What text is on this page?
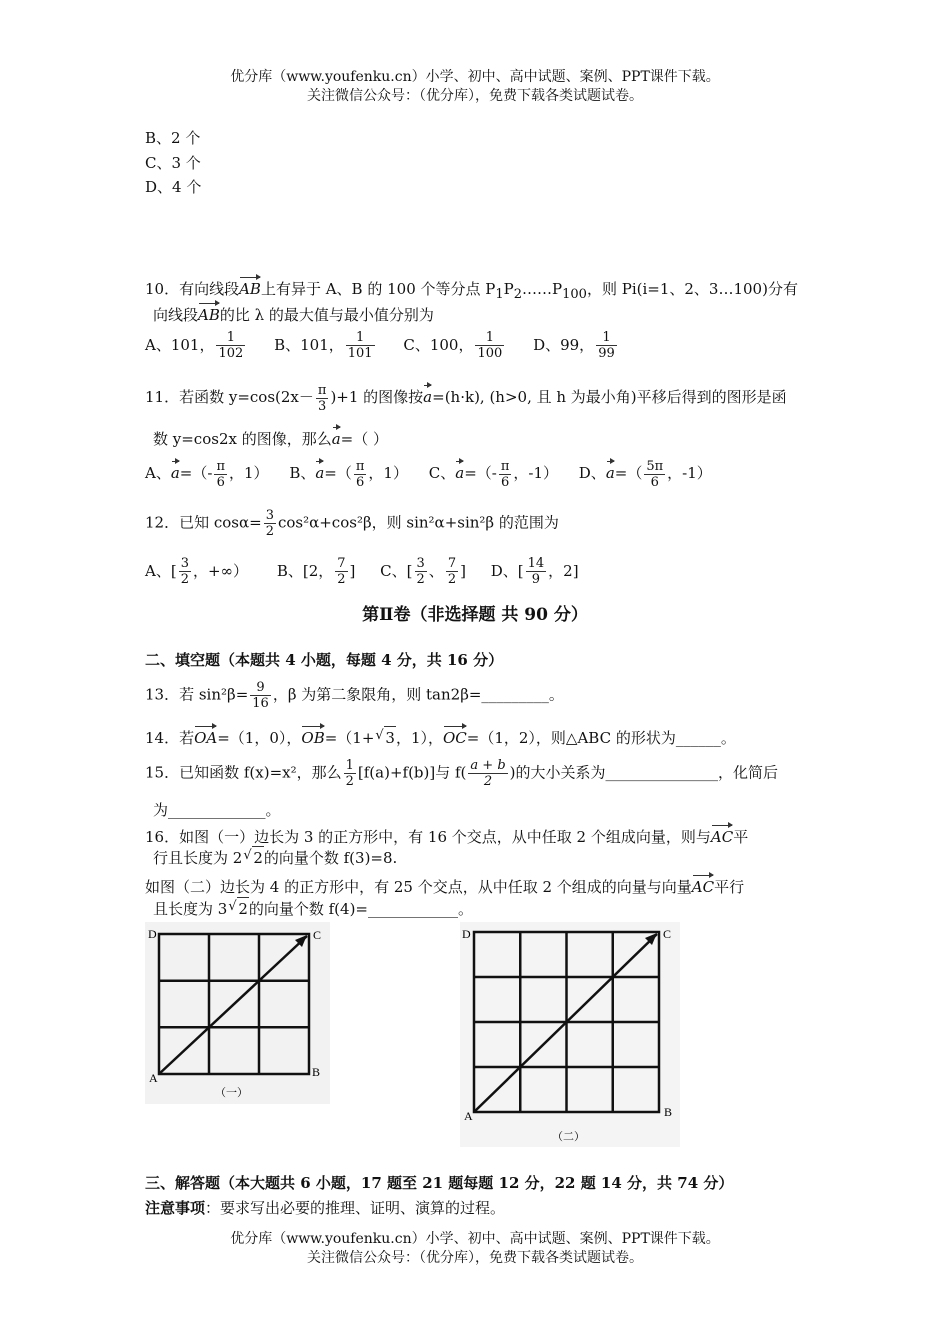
优分库（www.youfenku.cn）小学、初中、高中试题、案例、PPT课件下载。
关注微信公众号：（优分库），免费下载各类试题试卷。
B、2 个
C、3 个
D、4 个
10．有向线段AB上有异于 A、B 的 100 个等分点 $P_1P_2\dots\dots P_{100}$，则 Pi(i=1、2、3…100)分有
向线段AB的比 λ 的最大值与最小值分别为
A、101， $\frac{1}{102}$ B、101， $\frac{1}{101}$ C、100， $\frac{1}{100}$ D、99， $\frac{1}{99}$
11．若函数 $y=\cos(2x- \frac{\pi}{3} )+1$ 的图像按a=(h·k), (h>0, 且 h 为最小角)平移后得到的图形是函
数 y=cos2x 的图像，那么a=（ ）
A、$a=(- \frac{\pi}{6}$ ，1） B、$a=( \frac{\pi}{6}$ ，1） C、$a=(- \frac{\pi}{6}$ ，-1） D、$a=( \frac{5\pi}{6}$ ，-1）
12．已知 $\cos\alpha= \frac{3}{2} \cos^2\alpha+\cos^2\beta$，则 sin²α+sin²β 的范围为
A、[ $\frac{3}{2}$ ，+∞） B、[2， $\frac{7}{2}$ ] C、[ $\frac{3}{2}$ 、 $\frac{7}{2}$ ] D、[ $\frac{14}{9}$ ，2]
第Ⅱ卷（非选择题 共 90 分）
二、填空题（本题共 4 小题，每题 4 分，共 16 分）
13．若 $\sin^2\beta= \frac{9}{16}$ ，β 为第二象限角，则 tan2β=_________。
14．若OA=（1，0），OB=（1+ √ 3，1），OC=（1，2），则△ABC 的形状为______。
15．已知函数 f(x)=x²，那么 $\frac{1}{2} [f(a)+f(b)]$与 $f( \frac{a + b}{2}$ )的大小关系为_______________，化简后
为_____________。
16．如图（一）边长为 3 的正方形中，有 16 个交点，从中任取 2 个组成向量，则与AC平
行且长度为 2 √ 2的向量个数 f(3)=8.
如图（二）边长为 4 的正方形中，有 25 个交点，从中任取 2 个组成的向量与向量AC平行
且长度为 3 √ 2的向量个数 f(4)=____________。
D	C
A	B
（一）
D	C
A	B
（二）
三、解答题（本大题共 6 小题，17 题至 21 题每题 12 分，22 题 14 分，共 74 分）
注意事项：要求写出必要的推理、证明、演算的过程。
优分库（www.youfenku.cn）小学、初中、高中试题、案例、PPT课件下载。
关注微信公众号：（优分库），免费下载各类试题试卷。
